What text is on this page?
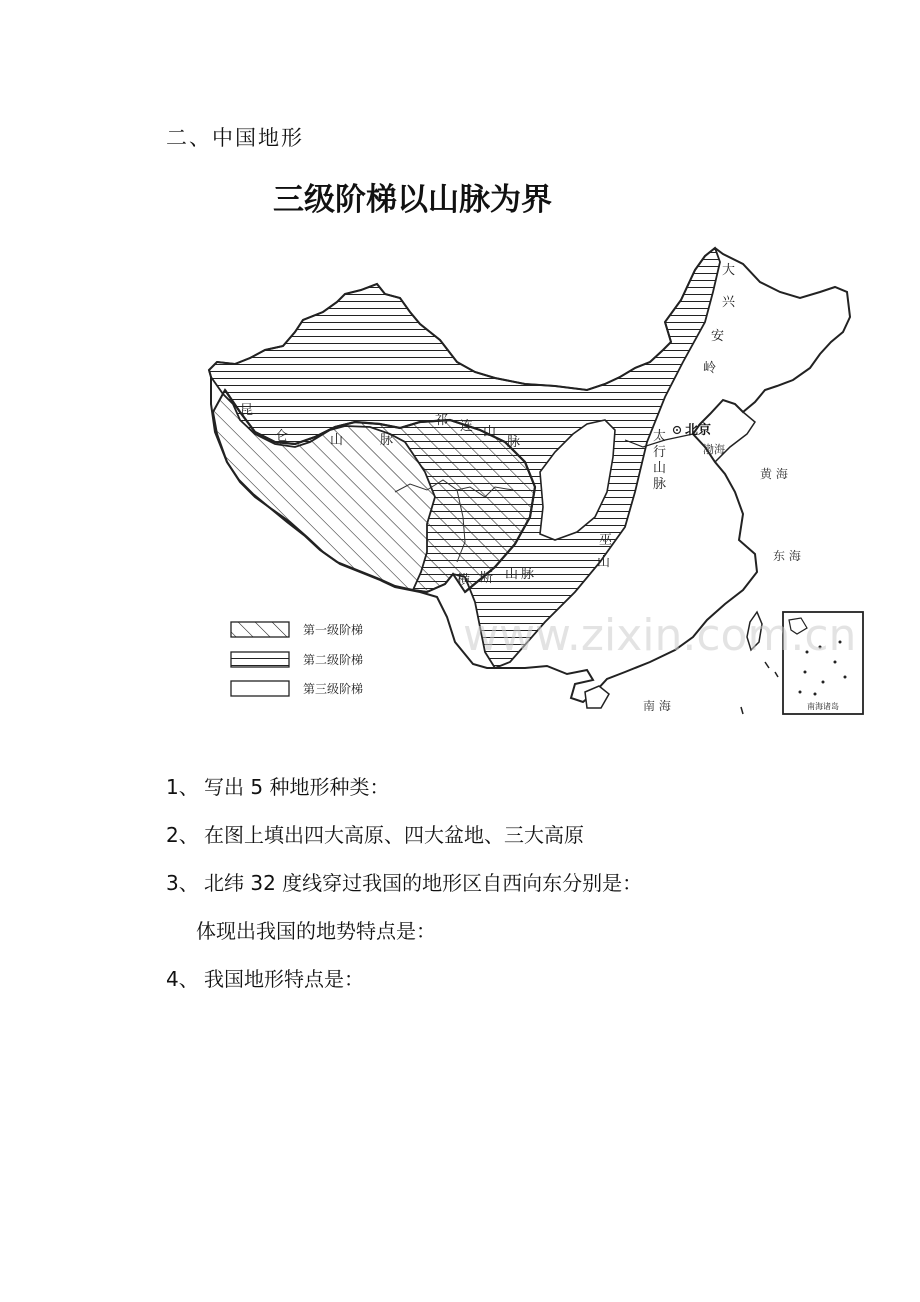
二、中国地形
三级阶梯以山脉为界
南海诸岛
昆
仑	山	脉
祁 连 山
脉
大
兴
安
岭
太
行
山
脉
巫
山
横 断 山 脉
北京
渤海
黄 海
东 海
南 海
第一级阶梯
第二级阶梯
第三级阶梯
www.zixin.com.cn
1、 写出 5 种地形种类：
2、 在图上填出四大高原、四大盆地、三大高原
3、 北纬 32 度线穿过我国的地形区自西向东分别是：
体现出我国的地势特点是：
4、 我国地形特点是：
